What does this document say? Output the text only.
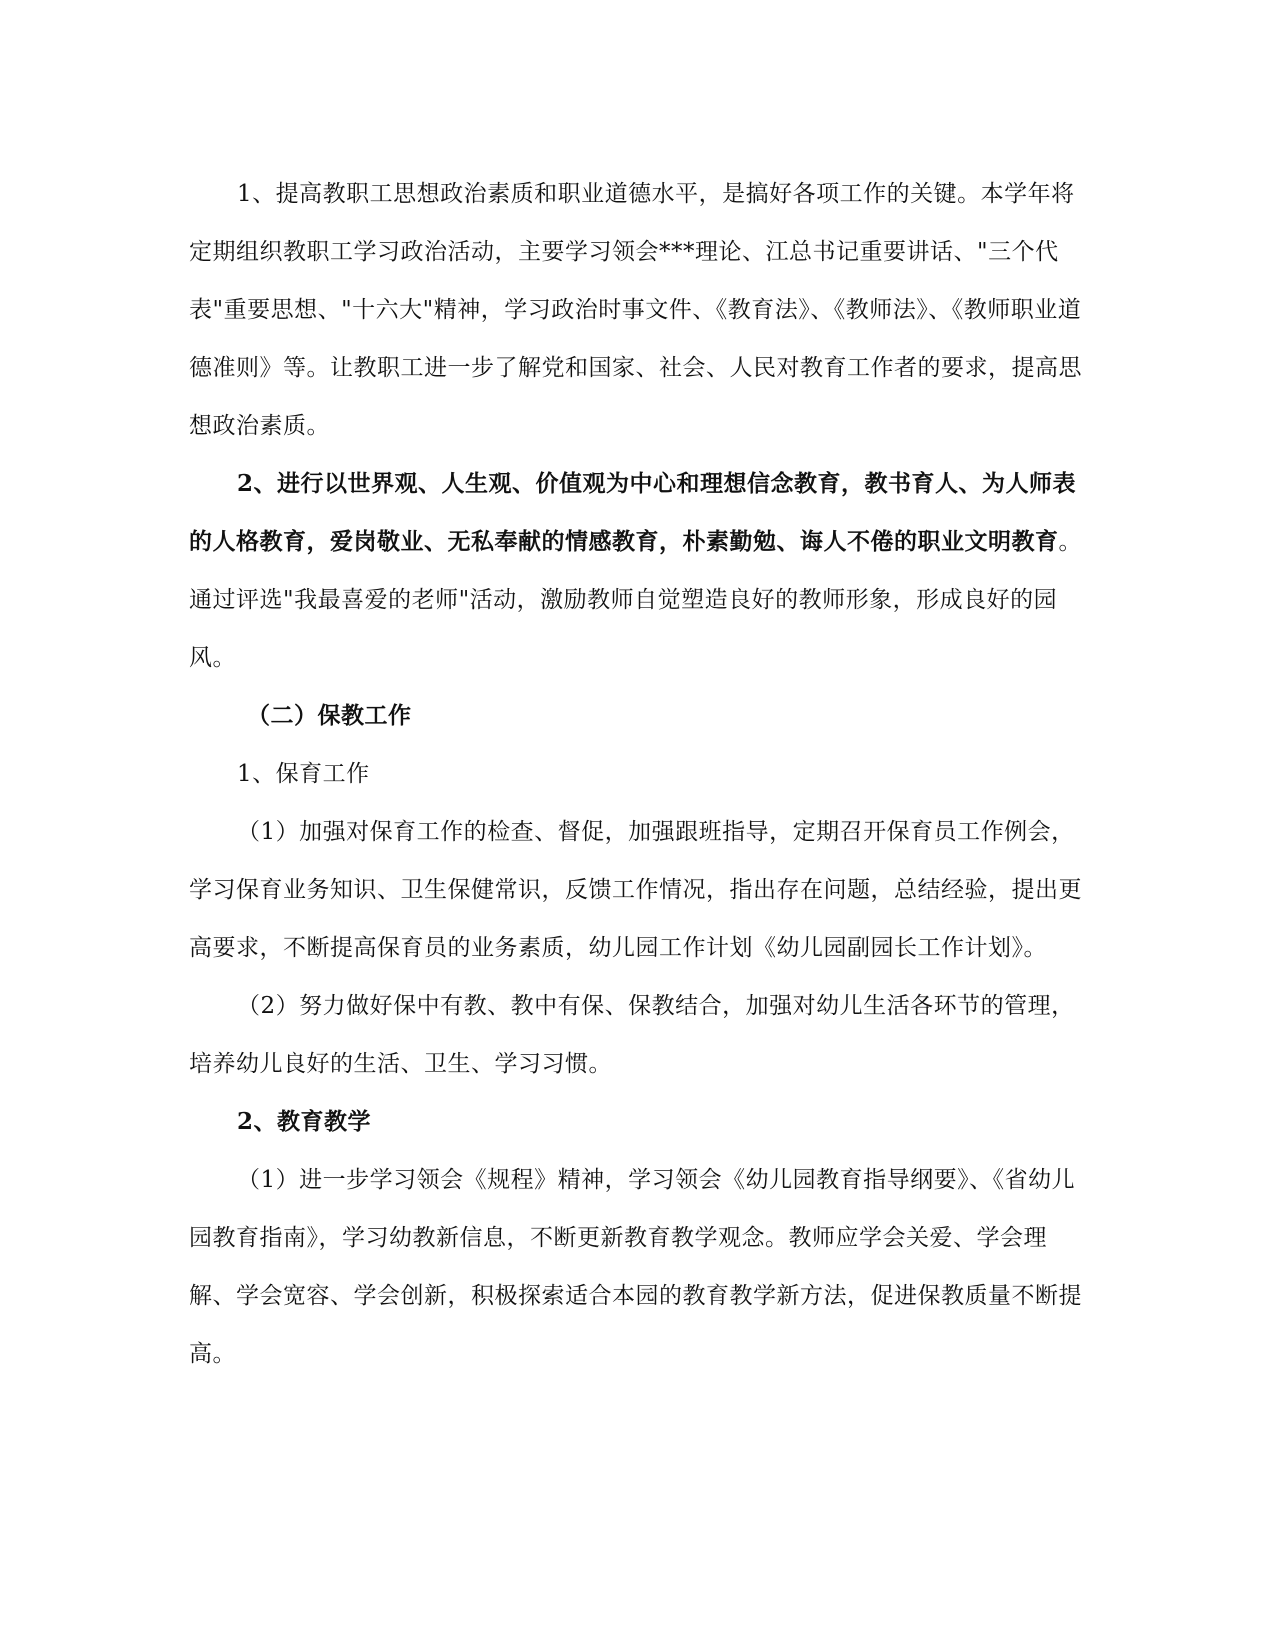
1、提高教职工思想政治素质和职业道德水平，是搞好各项工作的关键。本学年将定期组织教职工学习政治活动，主要学习领会***理论、江总书记重要讲话、"三个代表"重要思想、"十六大"精神，学习政治时事文件、《教育法》、《教师法》、《教师职业道德准则》等。让教职工进一步了解党和国家、社会、人民对教育工作者的要求，提高思想政治素质。

2、进行以世界观、人生观、价值观为中心和理想信念教育，教书育人、为人师表的人格教育，爱岗敬业、无私奉献的情感教育，朴素勤勉、诲人不倦的职业文明教育。通过评选"我最喜爱的老师"活动，激励教师自觉塑造良好的教师形象，形成良好的园风。

（二）保教工作

1、保育工作

（1）加强对保育工作的检查、督促，加强跟班指导，定期召开保育员工作例会，学习保育业务知识、卫生保健常识，反馈工作情况，指出存在问题，总结经验，提出更高要求，不断提高保育员的业务素质，幼儿园工作计划《幼儿园副园长工作计划》。

（2）努力做好保中有教、教中有保、保教结合，加强对幼儿生活各环节的管理，培养幼儿良好的生活、卫生、学习习惯。

2、教育教学

（1）进一步学习领会《规程》精神，学习领会《幼儿园教育指导纲要》、《省幼儿园教育指南》，学习幼教新信息，不断更新教育教学观念。教师应学会关爱、学会理解、学会宽容、学会创新，积极探索适合本园的教育教学新方法，促进保教质量不断提高。
